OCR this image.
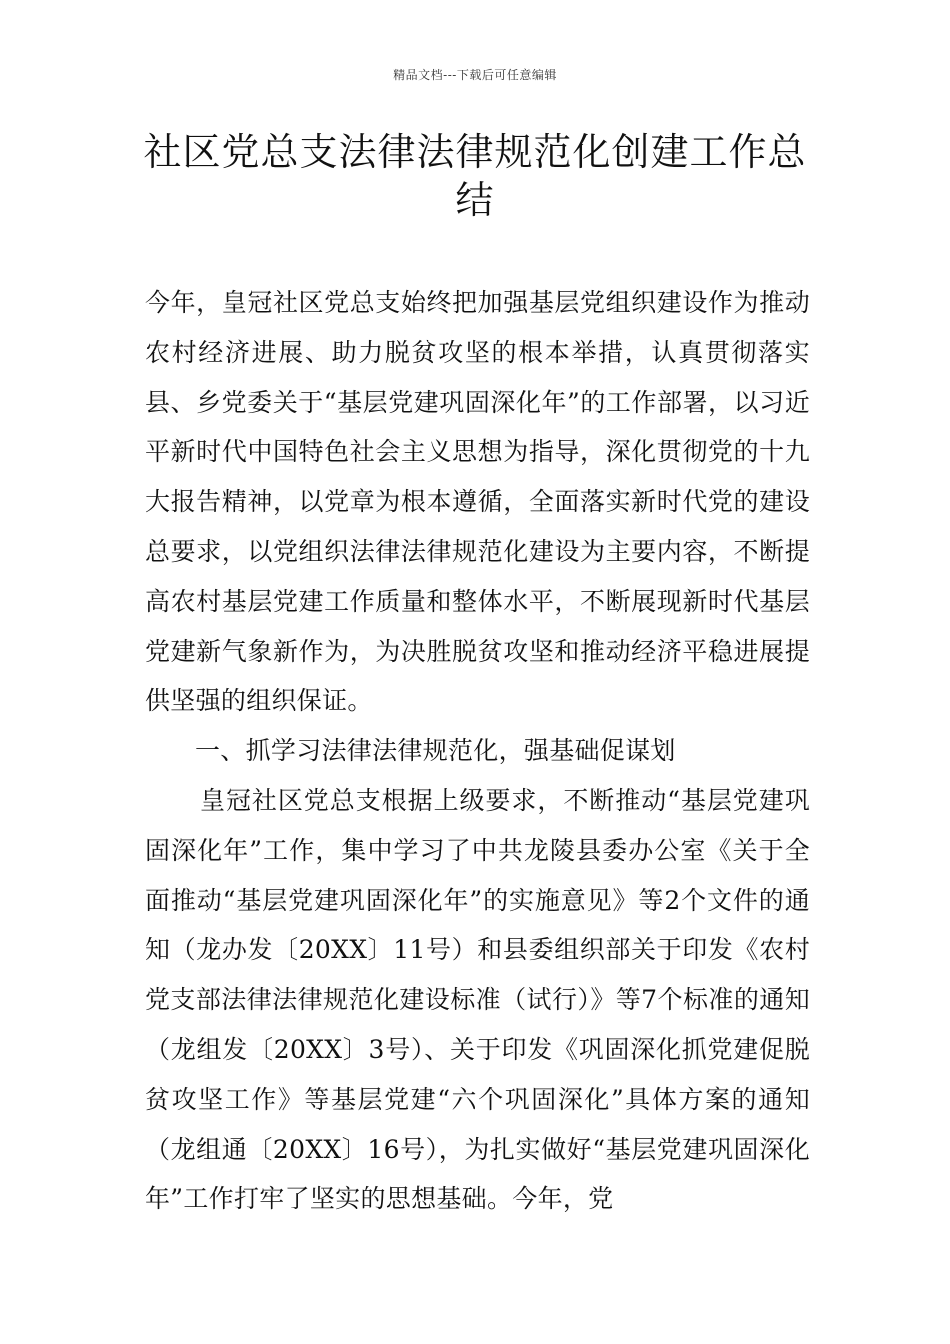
精品文档---下载后可任意编辑
社区党总支法律法律规范化创建工作总结

今年，皇冠社区党总支始终把加强基层党组织建设作为推动农村经济进展、助力脱贫攻坚的根本举措，认真贯彻落实县、乡党委关于“基层党建巩固深化年”的工作部署，以习近平新时代中国特色社会主义思想为指导，深化贯彻党的十九大报告精神，以党章为根本遵循，全面落实新时代党的建设总要求，以党组织法律法律规范化建设为主要内容，不断提高农村基层党建工作质量和整体水平，不断展现新时代基层党建新气象新作为，为决胜脱贫攻坚和推动经济平稳进展提供坚强的组织保证。

一、抓学习法律法律规范化，强基础促谋划

皇冠社区党总支根据上级要求，不断推动“基层党建巩固深化年”工作，集中学习了中共龙陵县委办公室《关于全面推动“基层党建巩固深化年”的实施意见》等2个文件的通知（龙办发〔20XX〕11号）和县委组织部关于印发《农村党支部法律法律规范化建设标准（试行）》等7个标准的通知（龙组发〔20XX〕3号）、关于印发《巩固深化抓党建促脱贫攻坚工作》等基层党建“六个巩固深化”具体方案的通知（龙组通〔20XX〕16号），为扎实做好“基层党建巩固深化年”工作打牢了坚实的思想基础。今年，党
